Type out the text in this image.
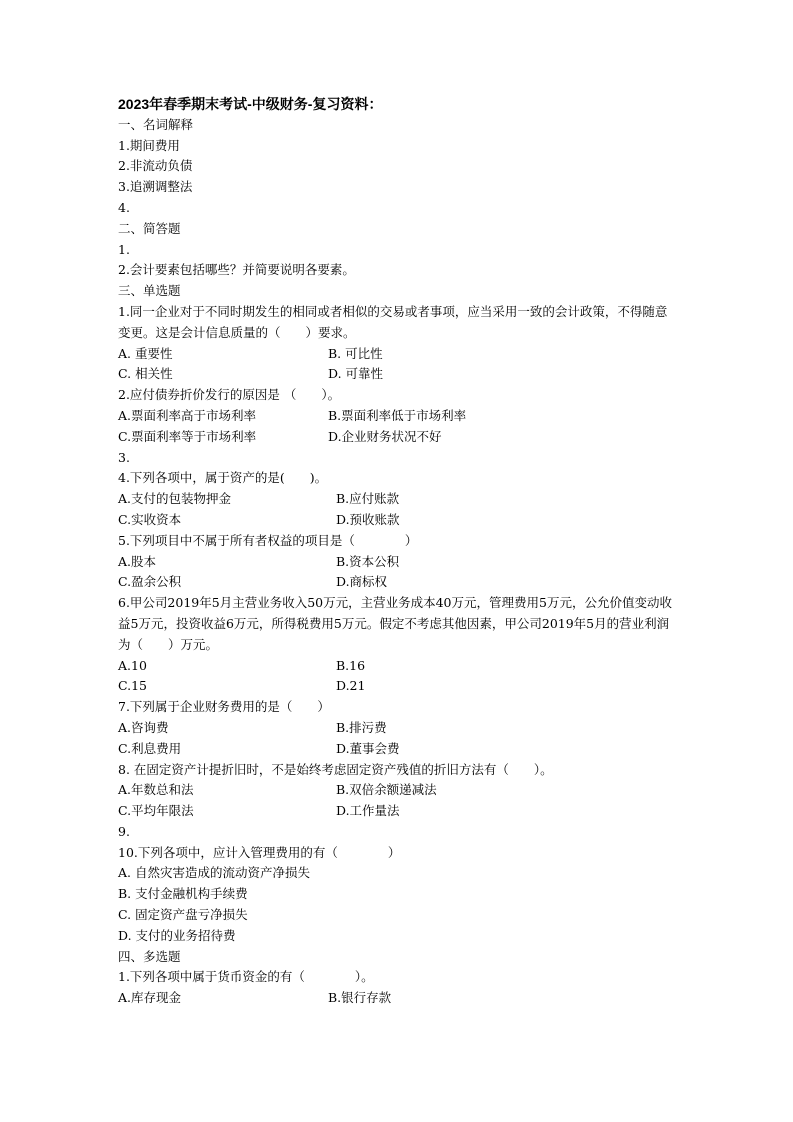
2023年春季期末考试-中级财务-复习资料：
一、名词解释
1.期间费用
2.非流动负债
3.追溯调整法
4.
二、简答题
1.
2.会计要素包括哪些？并简要说明各要素。
三、单选题
1.同一企业对于不同时期发生的相同或者相似的交易或者事项，应当采用一致的会计政策，不得随意变更。这是会计信息质量的（　　）要求。
A. 重要性	B. 可比性
C. 相关性	D. 可靠性
2.应付债券折价发行的原因是 （　　）。
A.票面利率高于市场利率	B.票面利率低于市场利率
C.票面利率等于市场利率	D.企业财务状况不好
3.
4.下列各项中，属于资产的是(　　)。
A.支付的包装物押金	B.应付账款
C.实收资本	D.预收账款
5.下列项目中不属于所有者权益的项目是（　　　　）
A.股本	B.资本公积
C.盈余公积	D.商标权
6.甲公司2019年5月主营业务收入50万元，主营业务成本40万元，管理费用5万元，公允价值变动收益5万元，投资收益6万元，所得税费用5万元。假定不考虑其他因素，甲公司2019年5月的营业利润为（　　）万元。
A.10	B.16
C.15	D.21
7.下列属于企业财务费用的是（　　）
A.咨询费	B.排污费
C.利息费用	D.董事会费
8. 在固定资产计提折旧时，不是始终考虑固定资产残值的折旧方法有（　　）。
A.年数总和法	B.双倍余额递减法
C.平均年限法	D.工作量法
9.
10.下列各项中，应计入管理费用的有（　　　　）
A. 自然灾害造成的流动资产净损失
B. 支付金融机构手续费
C. 固定资产盘亏净损失
D. 支付的业务招待费
四、多选题
1.下列各项中属于货币资金的有（　　　　）。
A.库存现金	B.银行存款
